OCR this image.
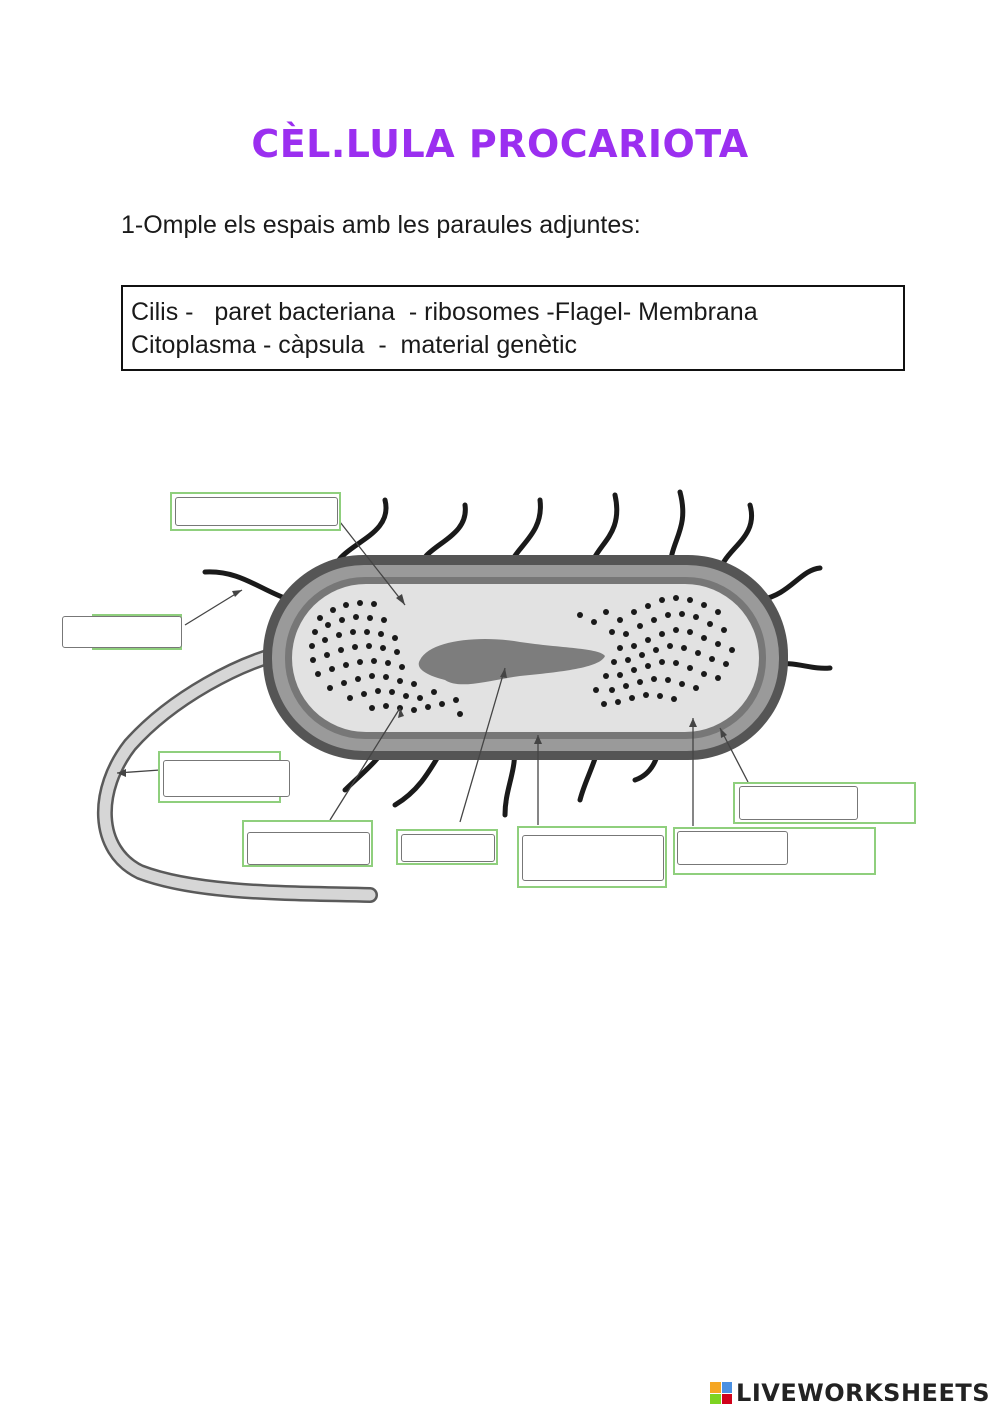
CÈL.LULA PROCARIOTA

1-Omple els espais amb les paraules adjuntes:

Cilis -   paret bacteriana  - ribosomes -Flagel- Membrana
Citoplasma - càpsula  -  material genètic
LIVEWORKSHEETS
